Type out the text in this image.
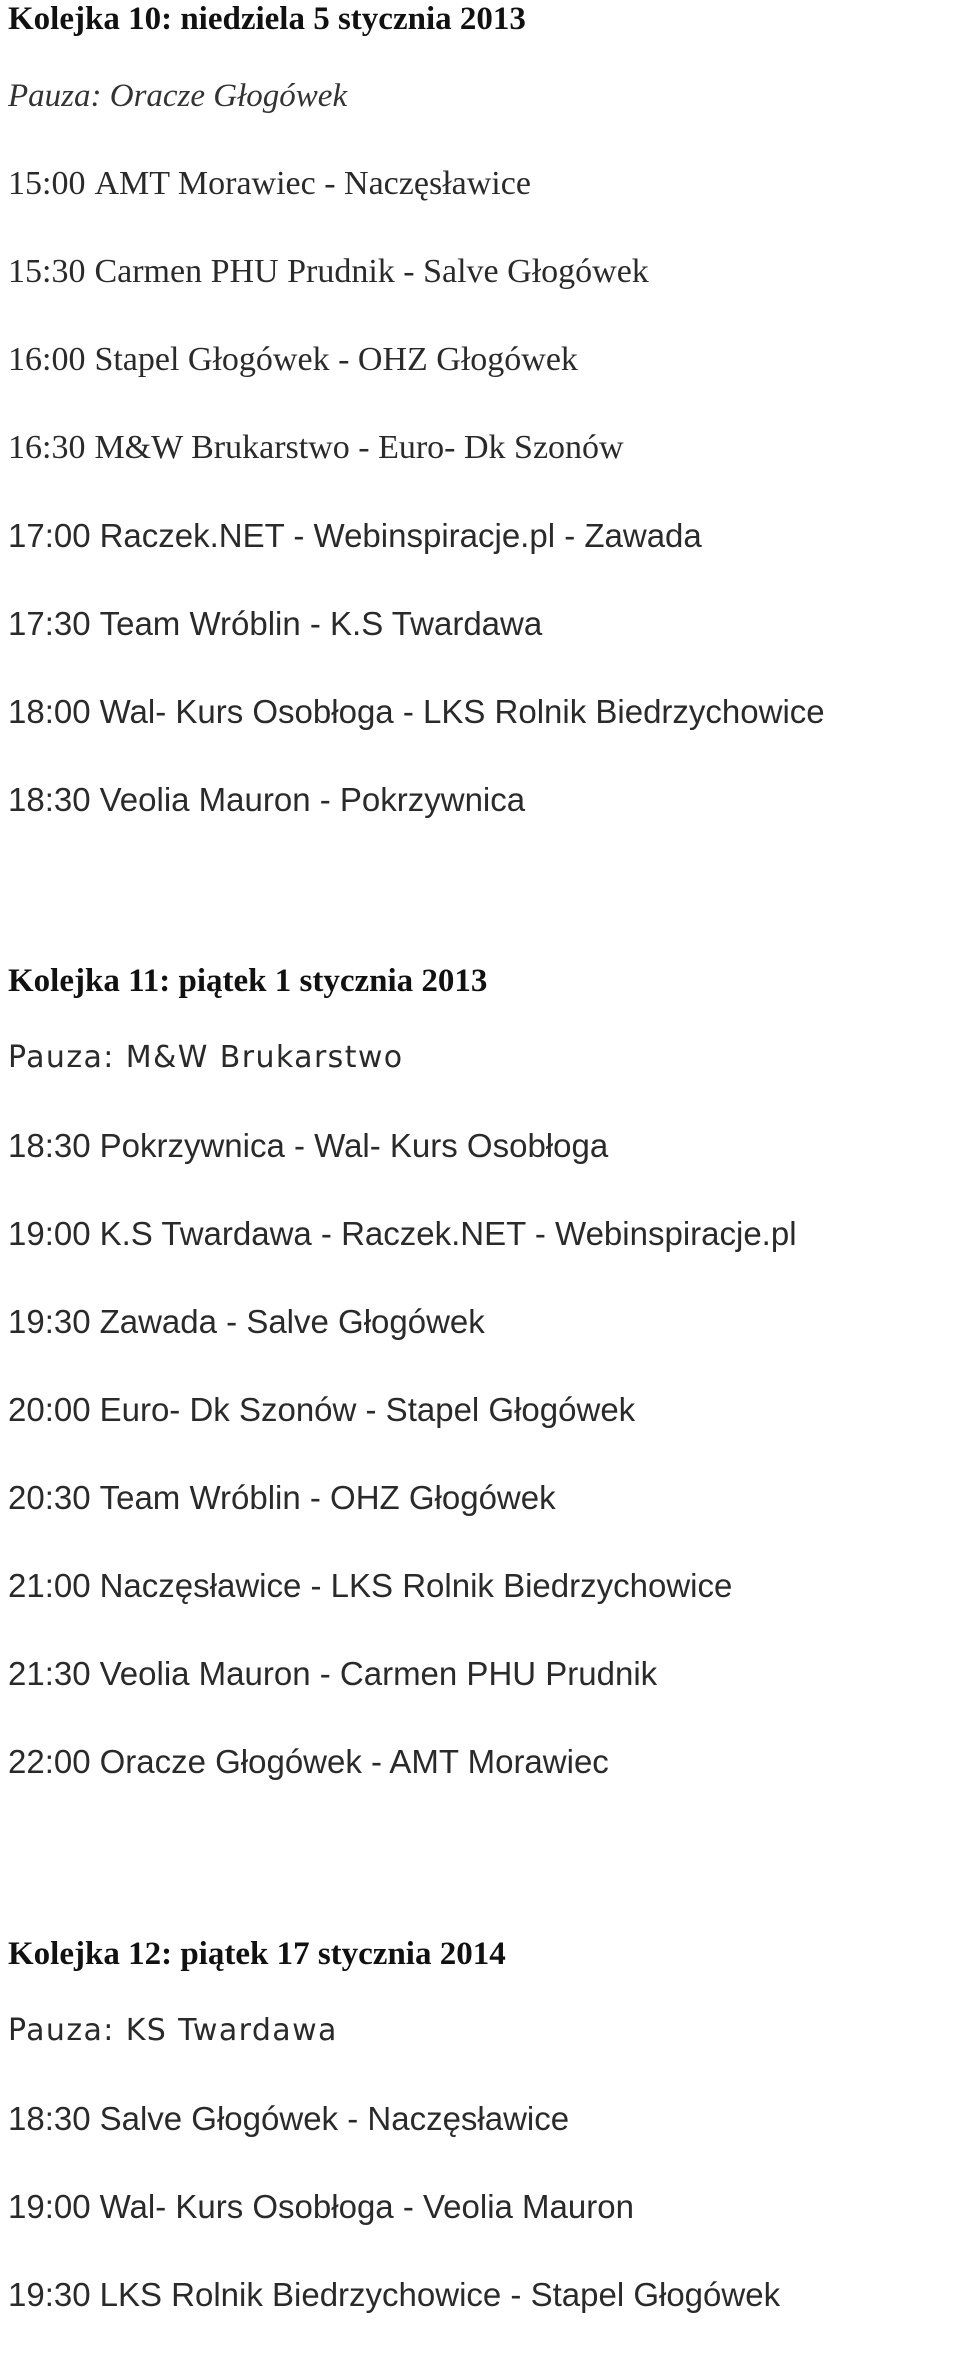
Kolejka 10: niedziela 5 stycznia 2013
Pauza: Oracze Głogówek
15:00 AMT Morawiec - Naczęsławice
15:30 Carmen PHU Prudnik - Salve Głogówek
16:00 Stapel Głogówek - OHZ Głogówek
16:30 M&W Brukarstwo - Euro- Dk Szonów
17:00 Raczek.NET - Webinspiracje.pl - Zawada
17:30 Team Wróblin - K.S Twardawa
18:00 Wal- Kurs Osobłoga - LKS Rolnik Biedrzychowice
18:30 Veolia Mauron - Pokrzywnica
Kolejka 11: piątek 1 stycznia 2013
Pauza: M&W Brukarstwo
18:30 Pokrzywnica - Wal- Kurs Osobłoga
19:00 K.S Twardawa - Raczek.NET - Webinspiracje.pl
19:30 Zawada - Salve Głogówek
20:00 Euro- Dk Szonów - Stapel Głogówek
20:30 Team Wróblin - OHZ Głogówek
21:00 Naczęsławice - LKS Rolnik Biedrzychowice
21:30 Veolia Mauron - Carmen PHU Prudnik
22:00 Oracze Głogówek - AMT Morawiec
Kolejka 12: piątek 17 stycznia 2014
Pauza: KS Twardawa
18:30 Salve Głogówek - Naczęsławice
19:00 Wal- Kurs Osobłoga - Veolia Mauron
19:30 LKS Rolnik Biedrzychowice - Stapel Głogówek
